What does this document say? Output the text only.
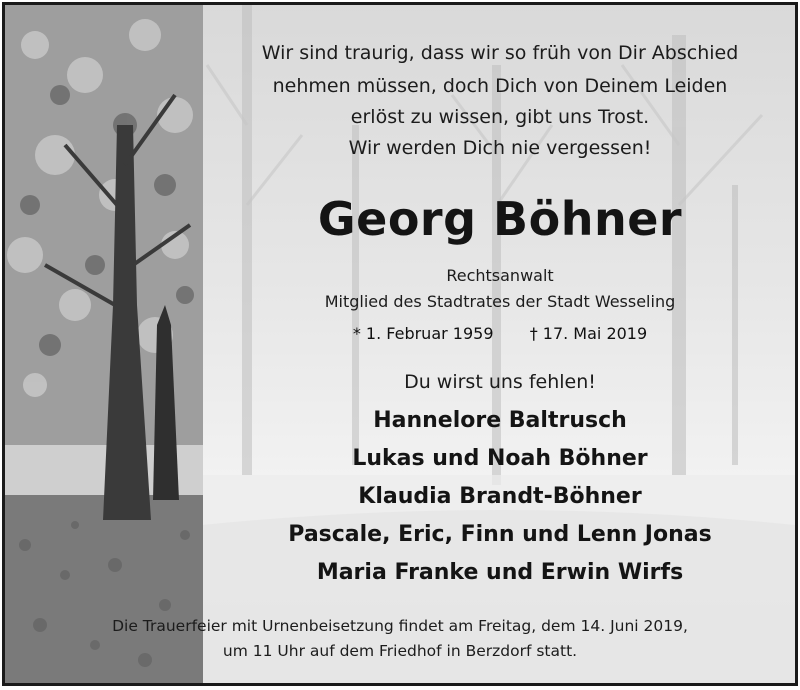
Wir sind traurig, dass wir so früh von Dir Abschied
nehmen müssen, doch Dich von Deinem Leiden
erlöst zu wissen, gibt uns Trost.
Wir werden Dich nie vergessen!
Georg Böhner
Rechtsanwalt
Mitglied des Stadtrates der Stadt Wesseling
* 1. Februar 1959 † 17. Mai 2019
Du wirst uns fehlen!
Hannelore Baltrusch
Lukas und Noah Böhner
Klaudia Brandt-Böhner
Pascale, Eric, Finn und Lenn Jonas
Maria Franke und Erwin Wirfs
Die Trauerfeier mit Urnenbeisetzung findet am Freitag, dem 14. Juni 2019,
um 11 Uhr auf dem Friedhof in Berzdorf statt.
